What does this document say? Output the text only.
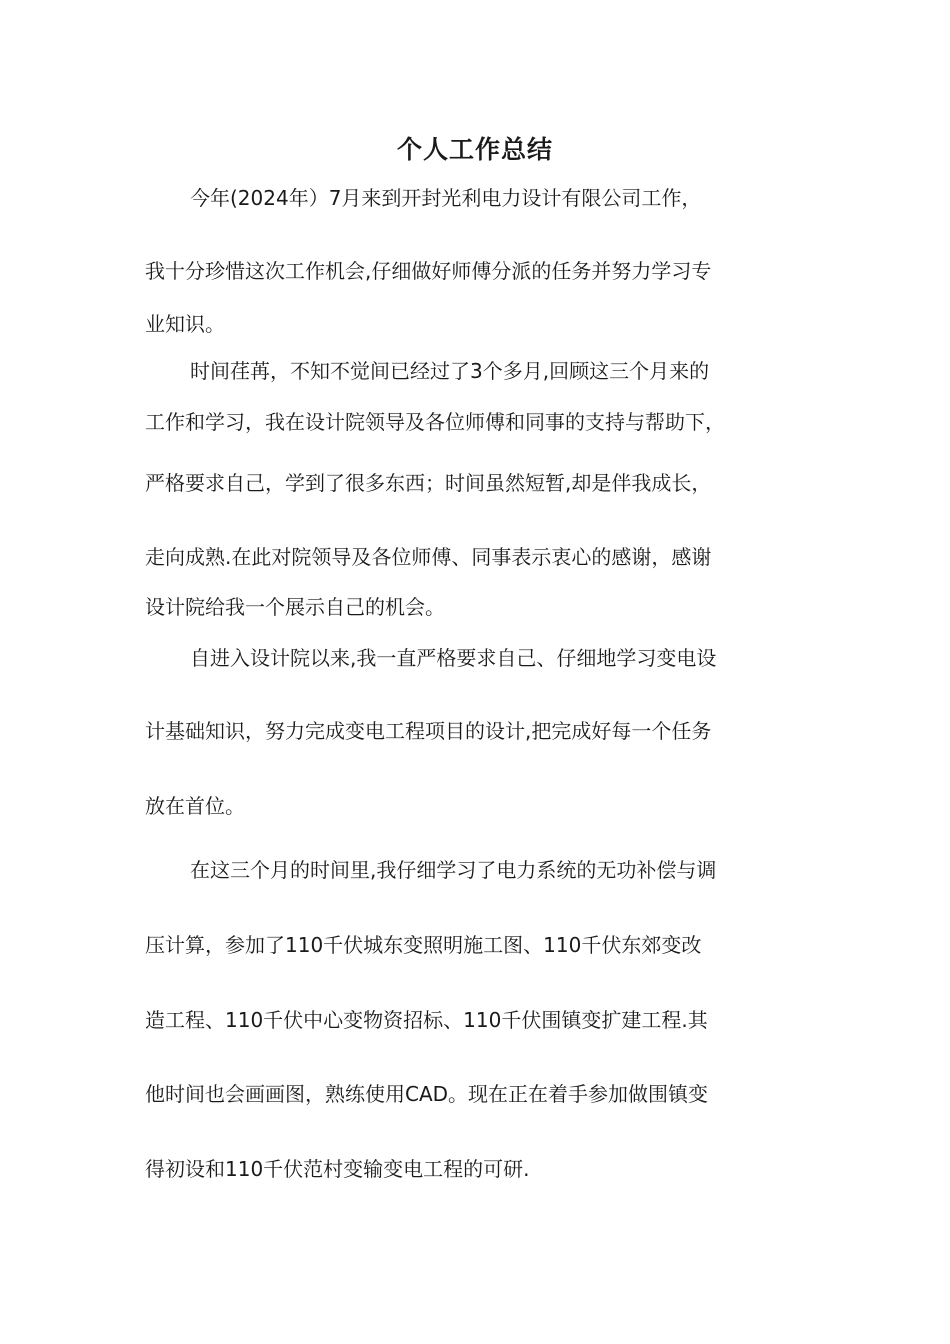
个人工作总结
今年(2024年）7月来到开封光利电力设计有限公司工作，
我十分珍惜这次工作机会,仔细做好师傅分派的任务并努力学习专
业知识。
时间荏苒，不知不觉间已经过了3个多月,回顾这三个月来的
工作和学习，我在设计院领导及各位师傅和同事的支持与帮助下，
严格要求自己，学到了很多东西；时间虽然短暂,却是伴我成长，
走向成熟.在此对院领导及各位师傅、同事表示衷心的感谢，感谢
设计院给我一个展示自己的机会。
自进入设计院以来,我一直严格要求自己、仔细地学习变电设
计基础知识，努力完成变电工程项目的设计,把完成好每一个任务
放在首位。
在这三个月的时间里,我仔细学习了电力系统的无功补偿与调
压计算，参加了110千伏城东变照明施工图、110千伏东郊变改
造工程、110千伏中心变物资招标、110千伏围镇变扩建工程.其
他时间也会画画图，熟练使用CAD。现在正在着手参加做围镇变
得初设和110千伏范村变输变电工程的可研.
